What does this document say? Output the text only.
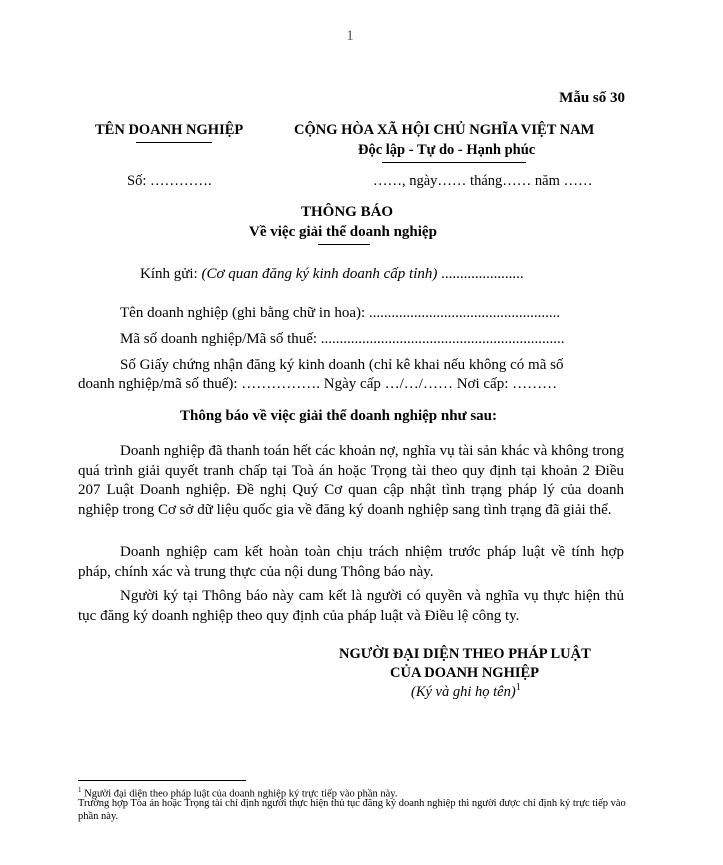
1
Mẫu số 30
TÊN DOANH NGHIỆP	CỘNG HÒA XÃ HỘI CHỦ NGHĨA VIỆT NAM
Độc lập - Tự do - Hạnh phúc
Số: ………….	……, ngày…… tháng…… năm ……
THÔNG BÁO
Về việc giải thể doanh nghiệp
Kính gửi: (Cơ quan đăng ký kinh doanh cấp tỉnh) ......................
Tên doanh nghiệp (ghi bằng chữ in hoa): ...................................................
Mã số doanh nghiệp/Mã số thuế: .................................................................
Số Giấy chứng nhận đăng ký kinh doanh (chỉ kê khai nếu không có mã số
doanh nghiệp/mã số thuế): ……………. Ngày cấp …/…/…… Nơi cấp: ………
Thông báo về việc giải thể doanh nghiệp như sau:
Doanh nghiệp đã thanh toán hết các khoản nợ, nghĩa vụ tài sản khác và không trong quá trình giải quyết tranh chấp tại Toà án hoặc Trọng tài theo quy định tại khoản 2 Điều 207 Luật Doanh nghiệp. Đề nghị Quý Cơ quan cập nhật tình trạng pháp lý của doanh nghiệp trong Cơ sở dữ liệu quốc gia về đăng ký doanh nghiệp sang tình trạng đã giải thể.
Doanh nghiệp cam kết hoàn toàn chịu trách nhiệm trước pháp luật về tính hợp pháp, chính xác và trung thực của nội dung Thông báo này.
Người ký tại Thông báo này cam kết là người có quyền và nghĩa vụ thực hiện thủ tục đăng ký doanh nghiệp theo quy định của pháp luật và Điều lệ công ty.
NGƯỜI ĐẠI DIỆN THEO PHÁP LUẬT
CỦA DOANH NGHIỆP
(Ký và ghi họ tên)$^1$
$^1$ Người đại diện theo pháp luật của doanh nghiệp ký trực tiếp vào phần này.
Trường hợp Tòa án hoặc Trọng tài chỉ định người thực hiện thủ tục đăng ký doanh nghiệp thì người được chỉ định ký trực tiếp vào phần này.
